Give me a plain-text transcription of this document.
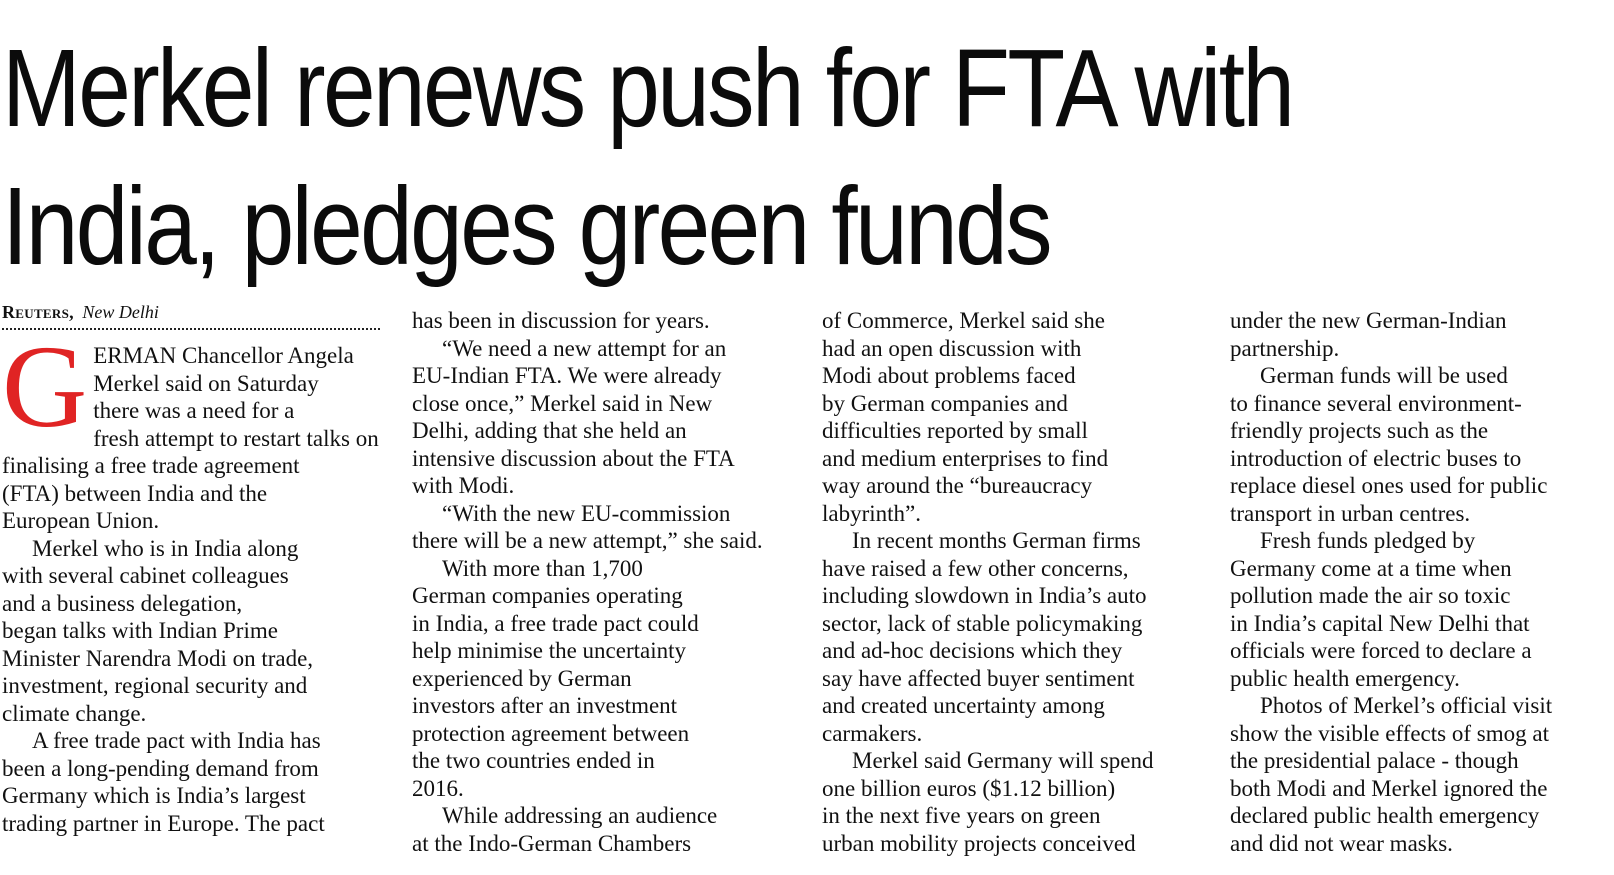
Merkel renews push for FTA with
India, pledges green funds
Reuters, New Delhi
G ERMAN Chancellor Angela
Merkel said on Saturday
there was a need for a
fresh attempt to restart talks on
finalising a free trade agreement
(FTA) between India and the
European Union.
Merkel who is in India along
with several cabinet colleagues
and a business delegation,
began talks with Indian Prime
Minister Narendra Modi on trade,
investment, regional security and
climate change.
A free trade pact with India has
been a long-pending demand from
Germany which is India’s largest
trading partner in Europe. The pact
has been in discussion for years.
“We need a new attempt for an
EU-Indian FTA. We were already
close once,” Merkel said in New
Delhi, adding that she held an
intensive discussion about the FTA
with Modi.
“With the new EU-commission
there will be a new attempt,” she said.
With more than 1,700
German companies operating
in India, a free trade pact could
help minimise the uncertainty
experienced by German
investors after an investment
protection agreement between
the two countries ended in
2016.
While addressing an audience
at the Indo-German Chambers
of Commerce, Merkel said she
had an open discussion with
Modi about problems faced
by German companies and
difficulties reported by small
and medium enterprises to find
way around the “bureaucracy
labyrinth”.
In recent months German firms
have raised a few other concerns,
including slowdown in India’s auto
sector, lack of stable policymaking
and ad-hoc decisions which they
say have affected buyer sentiment
and created uncertainty among
carmakers.
Merkel said Germany will spend
one billion euros ($1.12 billion)
in the next five years on green
urban mobility projects conceived
under the new German-Indian
partnership.
German funds will be used
to finance several environment-
friendly projects such as the
introduction of electric buses to
replace diesel ones used for public
transport in urban centres.
Fresh funds pledged by
Germany come at a time when
pollution made the air so toxic
in India’s capital New Delhi that
officials were forced to declare a
public health emergency.
Photos of Merkel’s official visit
show the visible effects of smog at
the presidential palace - though
both Modi and Merkel ignored the
declared public health emergency
and did not wear masks.
